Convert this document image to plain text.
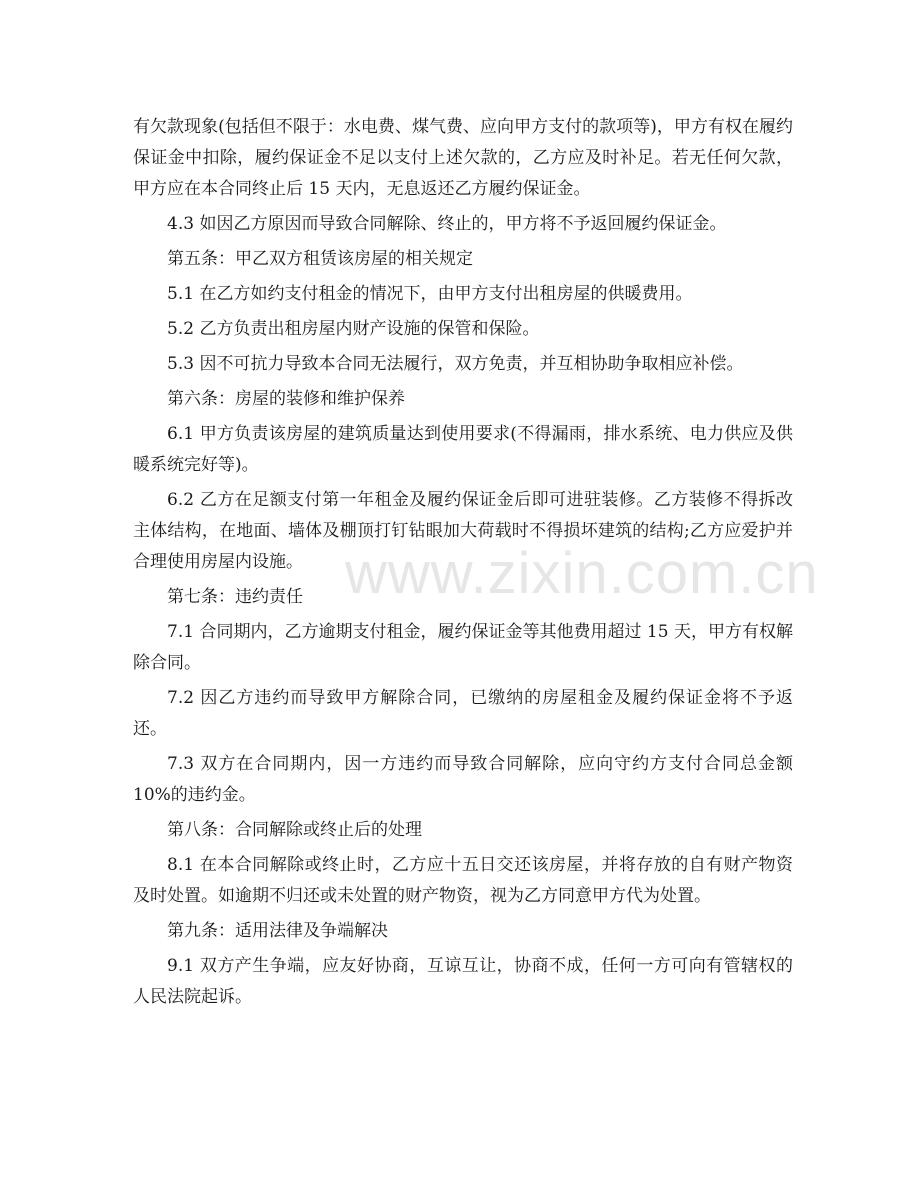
有欠款现象(包括但不限于：水电费、煤气费、应向甲方支付的款项等)，甲方有权在履约保证金中扣除，履约保证金不足以支付上述欠款的，乙方应及时补足。若无任何欠款，甲方应在本合同终止后 15 天内，无息返还乙方履约保证金。

4.3 如因乙方原因而导致合同解除、终止的，甲方将不予返回履约保证金。

第五条：甲乙双方租赁该房屋的相关规定

5.1 在乙方如约支付租金的情况下，由甲方支付出租房屋的供暖费用。

5.2 乙方负责出租房屋内财产设施的保管和保险。

5.3 因不可抗力导致本合同无法履行，双方免责，并互相协助争取相应补偿。

第六条：房屋的装修和维护保养

6.1 甲方负责该房屋的建筑质量达到使用要求(不得漏雨，排水系统、电力供应及供暖系统完好等)。

6.2 乙方在足额支付第一年租金及履约保证金后即可进驻装修。乙方装修不得拆改主体结构，在地面、墙体及棚顶打钉钻眼加大荷载时不得损坏建筑的结构;乙方应爱护并合理使用房屋内设施。

第七条：违约责任

7.1 合同期内，乙方逾期支付租金，履约保证金等其他费用超过 15 天，甲方有权解除合同。

7.2 因乙方违约而导致甲方解除合同，已缴纳的房屋租金及履约保证金将不予返还。

7.3 双方在合同期内，因一方违约而导致合同解除，应向守约方支付合同总金额 10%的违约金。

第八条：合同解除或终止后的处理

8.1 在本合同解除或终止时，乙方应十五日交还该房屋，并将存放的自有财产物资及时处置。如逾期不归还或未处置的财产物资，视为乙方同意甲方代为处置。

第九条：适用法律及争端解决

9.1 双方产生争端，应友好协商，互谅互让，协商不成，任何一方可向有管辖权的人民法院起诉。

www.zixin.com.cn
